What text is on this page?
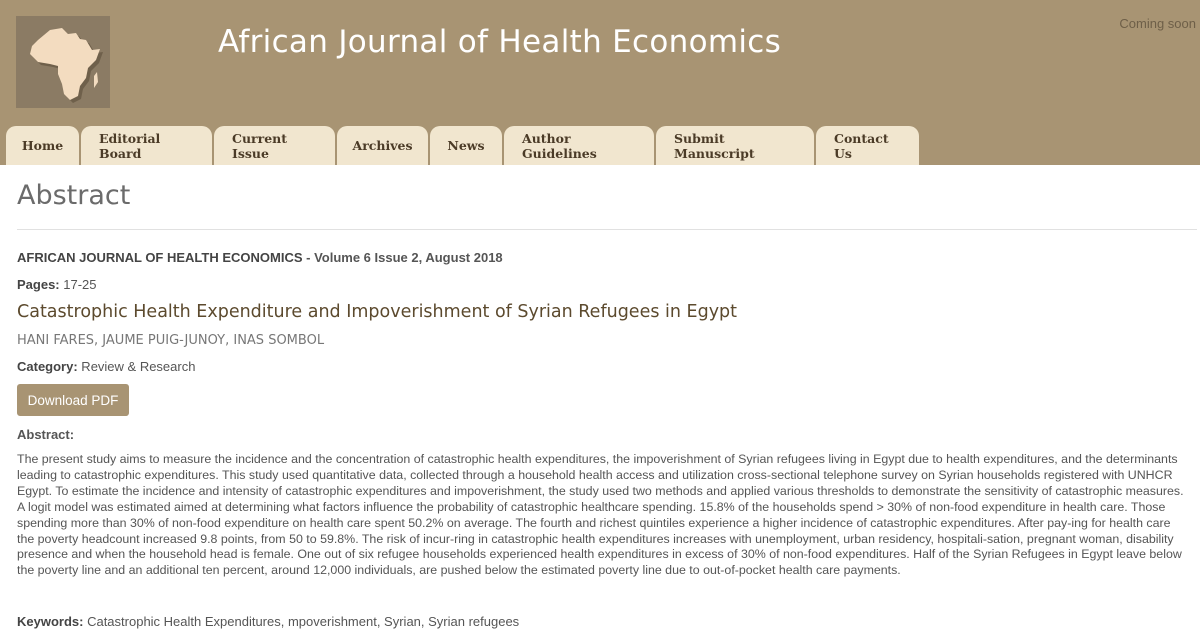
African Journal of Health Economics
Coming soon
Home	Editorial Board
Current Issue	Archives	News	Author Guidelines
Submit Manuscript
Contact Us
Abstract
AFRICAN JOURNAL OF HEALTH ECONOMICS - Volume 6 Issue 2, August 2018
Pages: 17-25
Catastrophic Health Expenditure and Impoverishment of Syrian Refugees in Egypt
HANI FARES, JAUME PUIG-JUNOY, INAS SOMBOL
Category: Review & Research
Download PDF
Abstract:

The present study aims to measure the incidence and the concentration of catastrophic health expenditures, the impoverishment of Syrian refugees living in Egypt due to health expenditures, and the determinants leading to catastrophic expenditures. This study used quantitative data, collected through a household health access and utilization cross-sectional telephone survey on Syrian households registered with UNHCR Egypt. To estimate the incidence and intensity of catastrophic expenditures and impoverishment, the study used two methods and applied various thresholds to demonstrate the sensitivity of catastrophic measures. A logit model was estimated aimed at determining what factors influence the probability of catastrophic healthcare spending. 15.8% of the households spend > 30% of non-food expenditure in health care. Those spending more than 30% of non-food expenditure on health care spent 50.2% on average. The fourth and richest quintiles experience a higher incidence of catastrophic expenditures. After pay-ing for health care the poverty headcount increased 9.8 points, from 50 to 59.8%. The risk of incur-ring in catastrophic health expenditures increases with unemployment, urban residency, hospitali-sation, pregnant woman, disability presence and when the household head is female. One out of six refugee households experienced health expenditures in excess of 30% of non-food expenditures. Half of the Syrian Refugees in Egypt leave below the poverty line and an additional ten percent, around 12,000 individuals, are pushed below the estimated poverty line due to out-of-pocket health care payments.

Keywords: Catastrophic Health Expenditures, mpoverishment, Syrian, Syrian refugees
